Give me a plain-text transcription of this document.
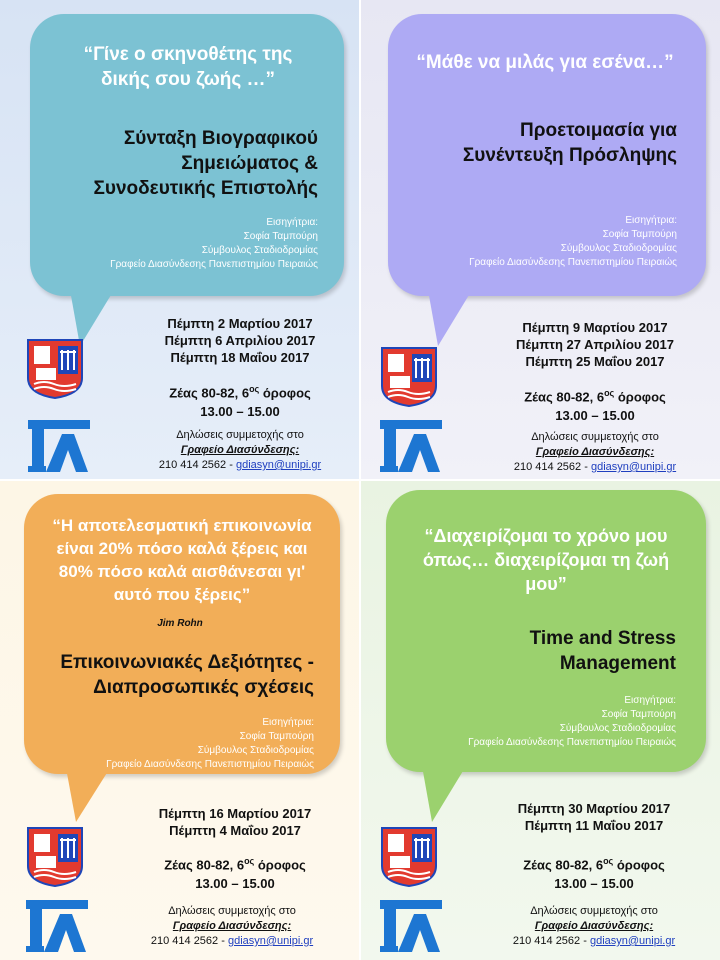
“Γίνε ο σκηνοθέτης της
δικής σου ζωής …”
Σύνταξη Βιογραφικού
Σημειώματος &
Συνοδευτικής Επιστολής
Εισηγήτρια:
Σοφία Ταμπούρη
Σύμβουλος Σταδιοδρομίας
Γραφείο Διασύνδεσης Πανεπιστημίου Πειραιώς
Πέμπτη 2 Μαρτίου 2017
Πέμπτη 6 Απριλίου 2017
Πέμπτη 18 Μαΐου 2017
Ζέας 80-82, $6^{o\varsigma}$ όροφος
13.00 – 15.00
Δηλώσεις συμμετοχής στο
Γραφείο Διασύνδεσης:
210 414 2562 - gdiasyn@unipi.gr
“Μάθε να μιλάς για εσένα…”
Προετοιμασία για
Συνέντευξη Πρόσληψης
Εισηγήτρια:
Σοφία Ταμπούρη
Σύμβουλος Σταδιοδρομίας
Γραφείο Διασύνδεσης Πανεπιστημίου Πειραιώς
Πέμπτη 9 Μαρτίου 2017
Πέμπτη 27 Απριλίου 2017
Πέμπτη 25 Μαΐου 2017
Ζέας 80-82, $6^{o\varsigma}$ όροφος
13.00 – 15.00
Δηλώσεις συμμετοχής στο
Γραφείο Διασύνδεσης:
210 414 2562 - gdiasyn@unipi.gr
“Η αποτελεσματική επικοινωνία
είναι 20% πόσο καλά ξέρεις και
80% πόσο καλά αισθάνεσαι γι'
αυτό που ξέρεις”
Jim Rohn
Επικοινωνιακές Δεξιότητες -
Διαπροσωπικές σχέσεις
Εισηγήτρια:
Σοφία Ταμπούρη
Σύμβουλος Σταδιοδρομίας
Γραφείο Διασύνδεσης Πανεπιστημίου Πειραιώς
Πέμπτη 16 Μαρτίου 2017
Πέμπτη 4 Μαΐου 2017
Ζέας 80-82, $6^{o\varsigma}$ όροφος
13.00 – 15.00
Δηλώσεις συμμετοχής στο
Γραφείο Διασύνδεσης:
210 414 2562 - gdiasyn@unipi.gr
“Διαχειρίζομαι το χρόνο μου
όπως… διαχειρίζομαι τη ζωή μου”
Time and Stress Management
Εισηγήτρια:
Σοφία Ταμπούρη
Σύμβουλος Σταδιοδρομίας
Γραφείο Διασύνδεσης Πανεπιστημίου Πειραιώς
Πέμπτη 30 Μαρτίου 2017
Πέμπτη 11 Μαΐου 2017
Ζέας 80-82, $6^{o\varsigma}$ όροφος
13.00 – 15.00
Δηλώσεις συμμετοχής στο
Γραφείο Διασύνδεσης:
210 414 2562 - gdiasyn@unipi.gr
